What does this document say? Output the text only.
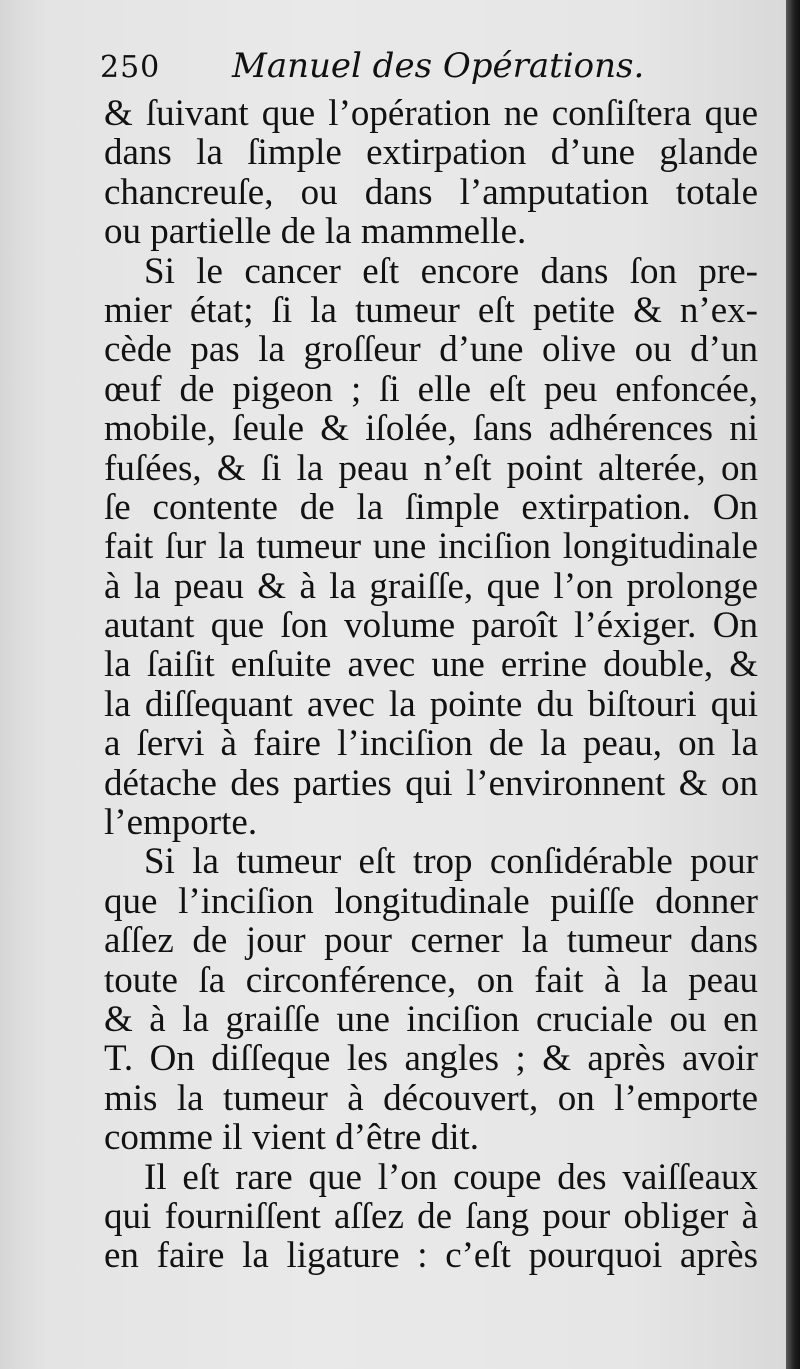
250 Manuel des Opérations.
& ſuivant que l’opération ne conſiſtera que
dans la ſimple extirpation d’une glande
chancreuſe, ou dans l’amputation totale
ou partielle de la mammelle.
Si le cancer eſt encore dans ſon pre-
mier état; ſi la tumeur eſt petite & n’ex-
cède pas la groſſeur d’une olive ou d’un
œuf de pigeon ; ſi elle eſt peu enfoncée,
mobile, ſeule & iſolée, ſans adhérences ni
fuſées, & ſi la peau n’eſt point alterée, on
ſe contente de la ſimple extirpation. On
fait ſur la tumeur une inciſion longitudinale
à la peau & à la graiſſe, que l’on prolonge
autant que ſon volume paroît l’éxiger. On
la ſaiſit enſuite avec une errine double, &
la diſſequant avec la pointe du biſtouri qui
a ſervi à faire l’inciſion de la peau, on la
détache des parties qui l’environnent & on
l’emporte.
Si la tumeur eſt trop conſidérable pour
que l’inciſion longitudinale puiſſe donner
aſſez de jour pour cerner la tumeur dans
toute ſa circonférence, on fait à la peau
& à la graiſſe une inciſion cruciale ou en
T. On diſſeque les angles ; & après avoir
mis la tumeur à découvert, on l’emporte
comme il vient d’être dit.
Il eſt rare que l’on coupe des vaiſſeaux
qui fourniſſent aſſez de ſang pour obliger à
en faire la ligature : c’eſt pourquoi après
